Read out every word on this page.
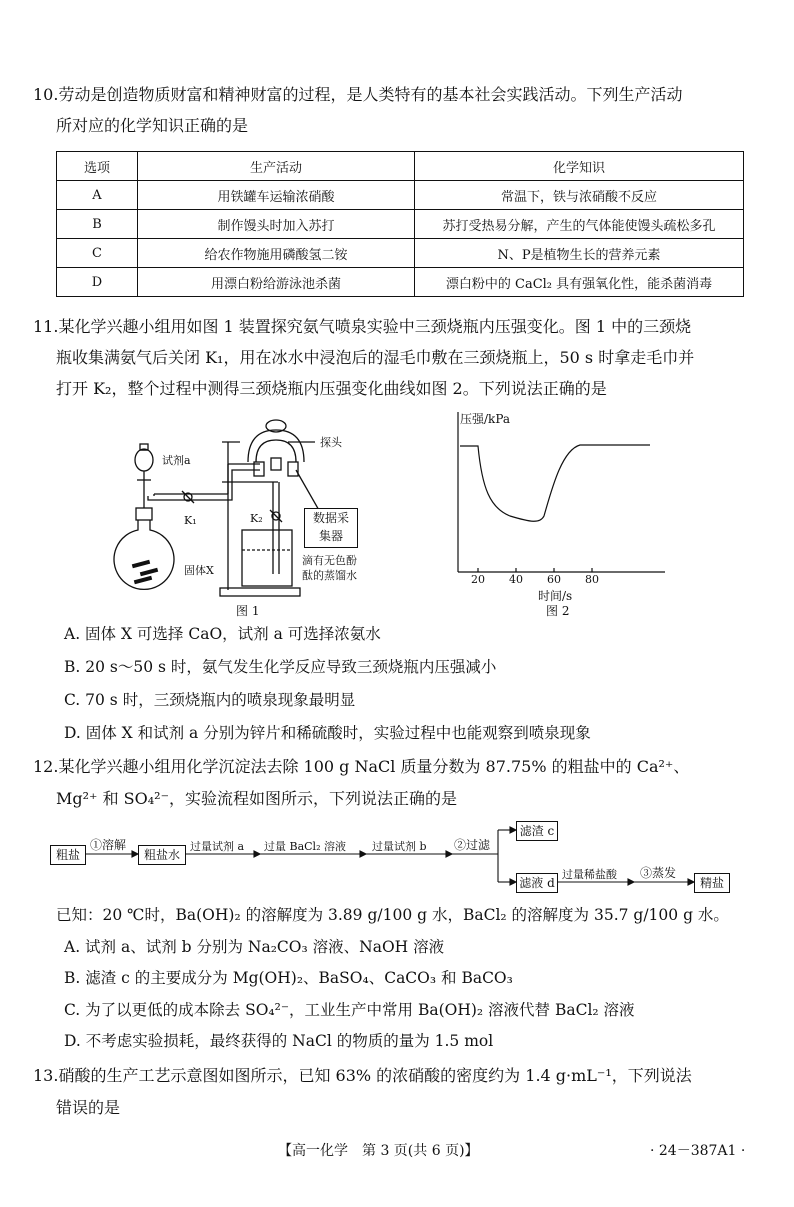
10.劳动是创造物质财富和精神财富的过程，是人类特有的基本社会实践活动。下列生产活动
所对应的化学知识正确的是
选项	生产活动	化学知识
A	用铁罐车运输浓硝酸	常温下，铁与浓硝酸不反应
B	制作馒头时加入苏打	苏打受热易分解，产生的气体能使馒头疏松多孔
C	给农作物施用磷酸氢二铵	N、P是植物生长的营养元素
D	用漂白粉给游泳池杀菌	漂白粉中的 CaCl₂ 具有强氧化性，能杀菌消毒
11.某化学兴趣小组用如图 1 装置探究氨气喷泉实验中三颈烧瓶内压强变化。图 1 中的三颈烧
瓶收集满氨气后关闭 K₁，用在冰水中浸泡后的湿毛巾敷在三颈烧瓶上，50 s 时拿走毛巾并
打开 K₂，整个过程中测得三颈烧瓶内压强变化曲线如图 2。下列说法正确的是
数据采
集器
试剂a
探头
K₁	K₂
固体X
滴有无色酚
酞的蒸馏水
图 1
压强/kPa
20 40 60 80
时间/s
图 2
A. 固体 X 可选择 CaO，试剂 a 可选择浓氨水
B. 20 s～50 s 时，氨气发生化学反应导致三颈烧瓶内压强减小
C. 70 s 时，三颈烧瓶内的喷泉现象最明显
D. 固体 X 和试剂 a 分别为锌片和稀硫酸时，实验过程中也能观察到喷泉现象
12.某化学兴趣小组用化学沉淀法去除 100 g NaCl 质量分数为 87.75% 的粗盐中的 Ca²⁺、
Mg²⁺ 和 SO₄²⁻，实验流程如图所示，下列说法正确的是
粗盐
①溶解
粗盐水
过量试剂 a 过量 BaCl₂ 溶液 过量试剂 b ②过滤
滤渣 c
滤液 d
过量稀盐酸 ③蒸发
精盐
已知：20 ℃时，Ba(OH)₂ 的溶解度为 3.89 g/100 g 水，BaCl₂ 的溶解度为 35.7 g/100 g 水。
A. 试剂 a、试剂 b 分别为 Na₂CO₃ 溶液、NaOH 溶液
B. 滤渣 c 的主要成分为 Mg(OH)₂、BaSO₄、CaCO₃ 和 BaCO₃
C. 为了以更低的成本除去 SO₄²⁻，工业生产中常用 Ba(OH)₂ 溶液代替 BaCl₂ 溶液
D. 不考虑实验损耗，最终获得的 NaCl 的物质的量为 1.5 mol
13.硝酸的生产工艺示意图如图所示，已知 63% 的浓硝酸的密度约为 1.4 g·mL⁻¹，下列说法
错误的是
【高一化学　第 3 页(共 6 页)】	· 24－387A1 ·
